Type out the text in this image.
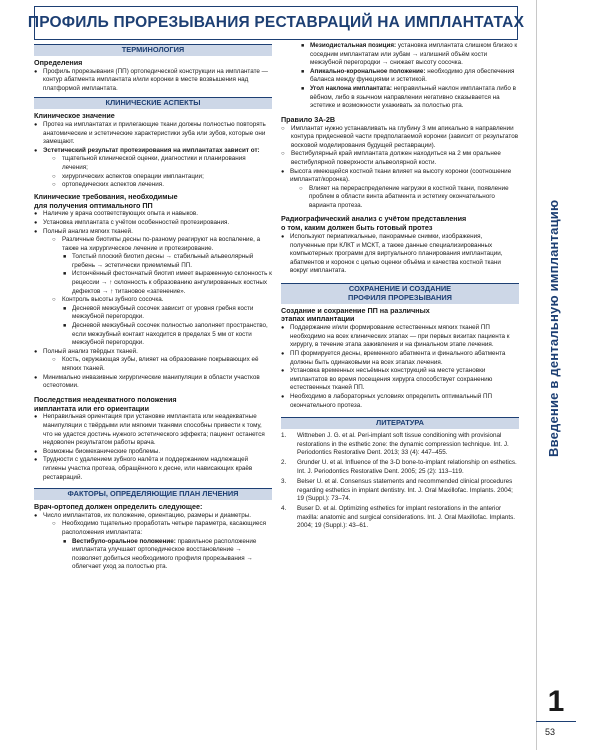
ПРОФИЛЬ ПРОРЕЗЫВАНИЯ РЕСТАВРАЦИЙ НА ИМПЛАНТАТАХ
ТЕРМИНОЛОГИЯ
Определения
● Профиль прорезывания (ПП) ортопедической конструкции на имплантате — контур абатмента имплантата и/или коронки в месте возвышения над платформой имплантата.
КЛИНИЧЕСКИЕ АСПЕКТЫ
Клиническое значение
● Протез на имплантатах и прилегающие ткани должны полностью повторять анатомические и эстетические характеристики зуба или зубов, которые они замещают.
● Эстетический результат протезирования на имплантатах зависит от:
○ тщательной клинической оценки, диагностики и планирования лечения;
○ хирургических аспектов операции имплантации;
○ ортопедических аспектов лечения.
Клинические требования, необходимые
для получения оптимального ПП
● Наличие у врача соответствующих опыта и навыков.
● Установка имплантата с учётом особенностей протезирования.
● Полный анализ мягких тканей.
○ Различные биотипы десны по-разному реагируют на воспаление, а также на хирургическое лечение и протезирование.
■ Толстый плоский биотип десны → стабильный альвеолярный гребень → эстетически приемлемый ПП.
■ Истончённый фестончатый биотип имеет выраженную склонность к рецессии → ↑ склонность к образованию ангулированных костных дефектов → ↑ титановое «затенение».
○ Контроль высоты зубного сосочка.
■ Десневой межзубный сосочек зависит от уровня гребня кости межзубной перегородки.
■ Десневой межзубный сосочек полностью заполняет пространство, если межзубный контакт находится в пределах 5 мм от кости межзубной перегородки.
● Полный анализ твёрдых тканей.
○ Кость, окружающая зубы, влияет на образование покрывающих её мягких тканей.
● Минимально инвазивные хирургические манипуляции в области участков остеотомии.
Последствия неадекватного положения
имплантата или его ориентации
● Неправильная ориентация при установке имплантата или неадекватные манипуляции с твёрдыми или мягкими тканями способны привести к тому, что не удастся достичь нужного эстетического эффекта; пациент останется недоволен результатом работы врача.
● Возможны биомеханические проблемы.
● Трудности с удалением зубного налёта и поддержанием надлежащей гигиены участка протеза, обращённого к десне, или нависающих краёв реставраций.
ФАКТОРЫ, ОПРЕДЕЛЯЮЩИЕ ПЛАН ЛЕЧЕНИЯ
Врач-ортопед должен определить следующее:
● Число имплантатов, их положение, ориентацию, размеры и диаметры.
○ Необходимо тщательно проработать четыре параметра, касающиеся расположения имплантата:
■ Вестибуло-оральное положение: правильное расположение имплантата улучшает ортопедическое восстановление → позволяет добиться необходимого профиля прорезывания → облегчает уход за полостью рта.
■ Мезиодистальная позиция: установка имплантата слишком близко к соседним имплантатам или зубам → излишний объём кости межзубной перегородки → снижает высоту сосочка.
■ Апикально-корональное положение: необходимо для обеспечения баланса между функциями и эстетикой.
■ Угол наклона имплантата: неправильный наклон имплантата либо в вёбном, либо в язычном направлении негативно сказывается на эстетике и возможности ухаживать за полостью рта.
Правило 3А-2В
○ Имплантат нужно устанавливать на глубину 3 мм апикально в направлении контура придесневой части предполагаемой коронки (зависит от результатов восковой моделирования будущей реставрации).
○ Вестибулярный край имплантата должен находиться на 2 мм оральнее вестибулярной поверхности альвеолярной кости.
● Высота имеющейся костной ткани влияет на высоту коронки (соотношение имплантат/коронка).
○ Влияет на перераспределение нагрузки в костной ткани, появление проблем в области винта абатмента и эстетику окончательного варианта протеза.
Радиографический анализ с учётом представления
о том, каким должен быть готовый протез
● Используют периапикальные, панорамные снимки, изображения, полученные при КЛКТ и МСКТ, а также данные специализированных компьютерных программ для виртуального планирования имплантации, абатментов и коронок с целью оценки объёма и качества костной ткани вокруг имплантата.
СОХРАНЕНИЕ И СОЗДАНИЕ
ПРОФИЛЯ ПРОРЕЗЫВАНИЯ
Создание и сохранение ПП на различных
этапах имплантации
● Поддержание и/или формирование естественных мягких тканей ПП необходимо на всех клинических этапах — при первых визитах пациента к хирургу, в течение этапа заживления и на финальном этапе лечения.
● ПП формируется десны, временного абатмента и финального абатмента должны быть одинаковыми на всех этапах лечения.
● Установка временных несъёмных конструкций на месте установки имплантатов во время посещения хирурга способствует сохранению естественных тканей ПП.
● Необходимо в лабораторных условиях определить оптимальный ПП окончательного протеза.
ЛИТЕРАТУРА
1. Wittneben J. G. et al. Peri-implant soft tissue conditioning with provisional restorations in the esthetic zone: the dynamic compression technique. Int. J. Periodontics Restorative Dent. 2013; 33 (4): 447–455.
2. Grunder U. et al. Influence of the 3-D bone-to-implant relationship on esthetics. Int. J. Periodontics Restorative Dent. 2005; 25 (2): 113–119.
3. Belser U. et al. Consensus statements and recommended clinical procedures regarding esthetics in implant dentistry. Int. J. Oral Maxillofac. Implants. 2004; 19 (Suppl.): 73–74.
4. Buser D. et al. Optimizing esthetics for implant restorations in the anterior maxilla: anatomic and surgical considerations. Int. J. Oral Maxillofac. Implants. 2004; 19 (Suppl.): 43–61.
Введение в дентальную имплантацию
1
53
